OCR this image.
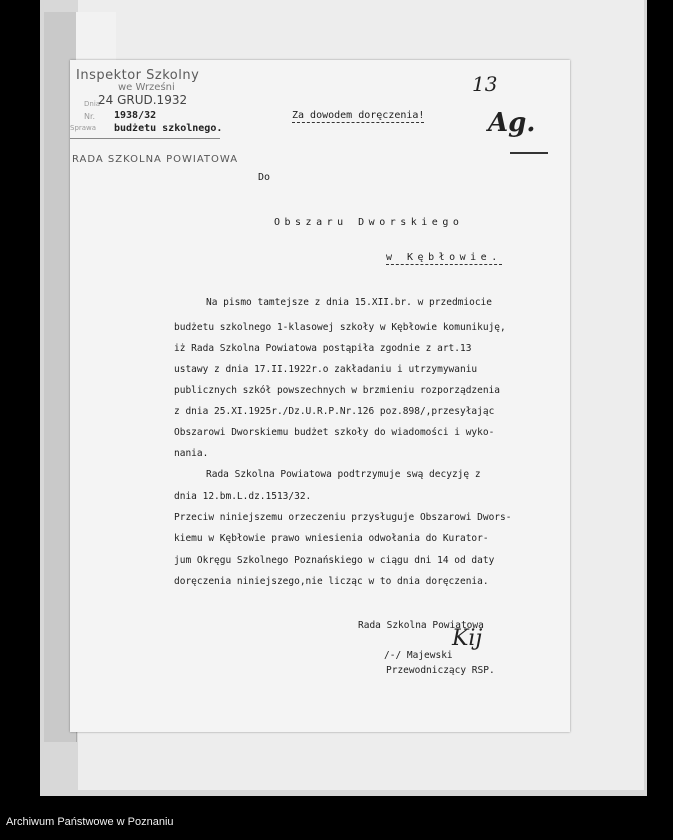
Inspektor Szkolny
we Wrześni
Dnia
24 GRUD.1932
Nr. 1938/32
Sprawa budżetu szkolnego.
RADA SZKOLNA POWIATOWA
13
Ag.
Za dowodem doręczenia!
Do
Obszaru Dworskiego
w Kębłowie.
Na pismo tamtejsze z dnia 15.XII.br. w przedmiocie
budżetu szkolnego 1-klasowej szkoły w Kębłowie komunikuję,
iż Rada Szkolna Powiatowa postąpiła zgodnie z art.13
ustawy z dnia 17.II.1922r.o zakładaniu i utrzymywaniu
publicznych szkół powszechnych w brzmieniu rozporządzenia
z dnia 25.XI.1925r./Dz.U.R.P.Nr.126 poz.898/,przesyłając
Obszarowi Dworskiemu budżet szkoły do wiadomości i wyko-
nania.
Rada Szkolna Powiatowa podtrzymuje swą decyzję z
dnia 12.bm.L.dz.1513/32.
Przeciw niniejszemu orzeczeniu przysługuje Obszarowi Dwors-
kiemu w Kębłowie prawo wniesienia odwołania do Kurator-
jum Okręgu Szkolnego Poznańskiego w ciągu dni 14 od daty
doręczenia niniejszego,nie licząc w to dnia doręczenia.
Rada Szkolna Powiatowa
Kij
/-/ Majewski
Przewodniczący RSP.
Archiwum Państwowe w Poznaniu
